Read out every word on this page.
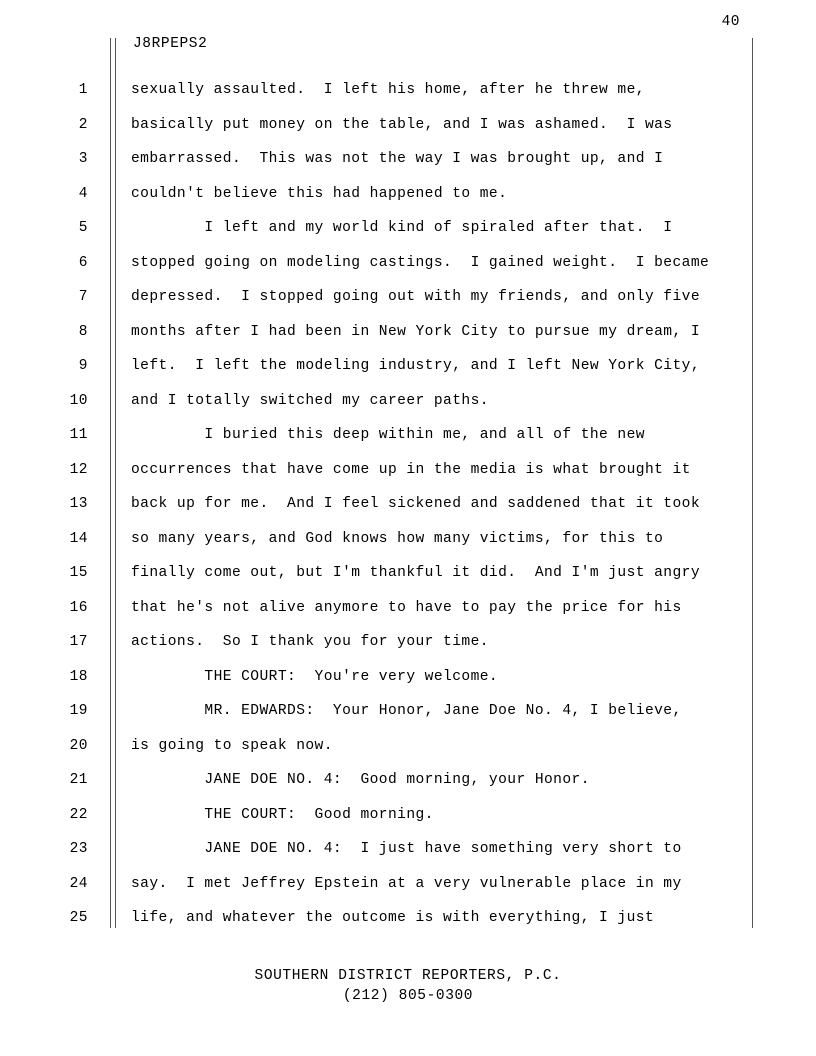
40
J8RPEPS2
1	sexually assaulted.  I left his home, after he threw me,
2	basically put money on the table, and I was ashamed.  I was
3	embarrassed.  This was not the way I was brought up, and I
4	couldn't believe this had happened to me.
5	I left and my world kind of spiraled after that.  I
6	stopped going on modeling castings.  I gained weight.  I became
7	depressed.  I stopped going out with my friends, and only five
8	months after I had been in New York City to pursue my dream, I
9	left.  I left the modeling industry, and I left New York City,
10	and I totally switched my career paths.
11	I buried this deep within me, and all of the new
12	occurrences that have come up in the media is what brought it
13	back up for me.  And I feel sickened and saddened that it took
14	so many years, and God knows how many victims, for this to
15	finally come out, but I'm thankful it did.  And I'm just angry
16	that he's not alive anymore to have to pay the price for his
17	actions.  So I thank you for your time.
18	THE COURT:  You're very welcome.
19	MR. EDWARDS:  Your Honor, Jane Doe No. 4, I believe,
20	is going to speak now.
21	JANE DOE NO. 4:  Good morning, your Honor.
22	THE COURT:  Good morning.
23	JANE DOE NO. 4:  I just have something very short to
24	say.  I met Jeffrey Epstein at a very vulnerable place in my
25	life, and whatever the outcome is with everything, I just
SOUTHERN DISTRICT REPORTERS, P.C.
(212) 805-0300
